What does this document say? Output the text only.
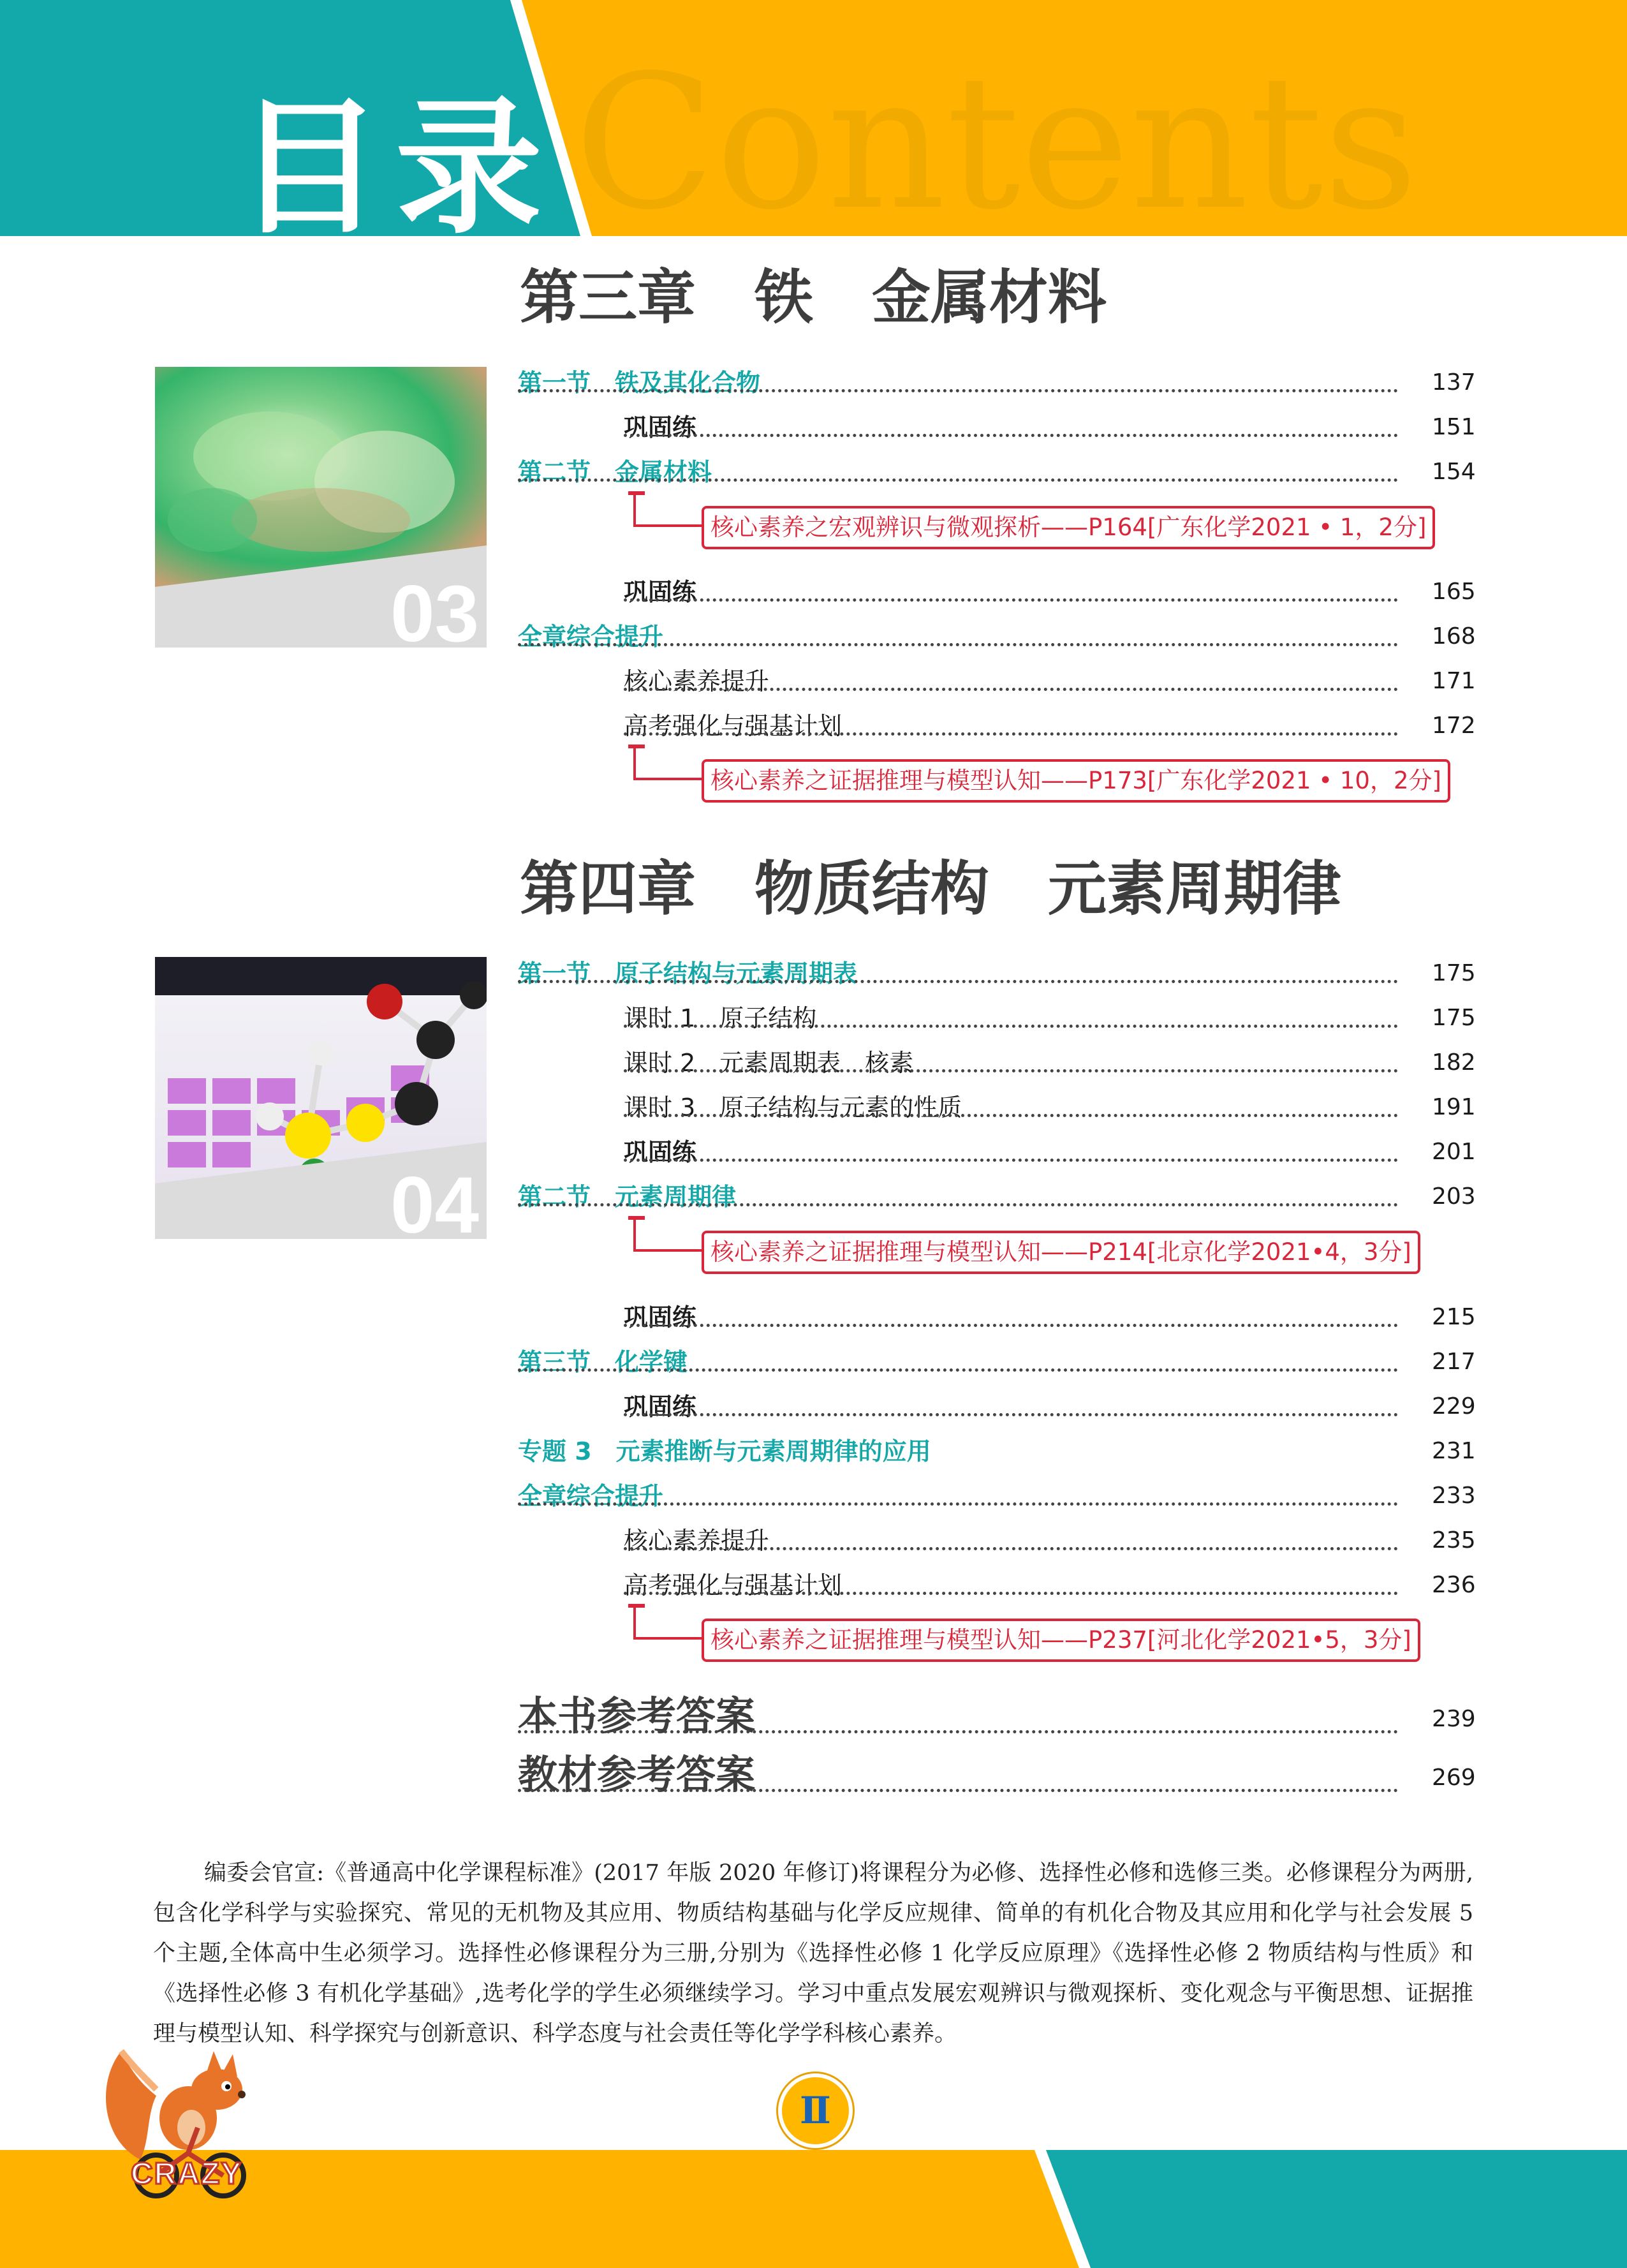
Contents
目录
第三章　铁　金属材料
03
第一节　铁及其化合物	137
巩固练	151
第二节　金属材料	154
核心素养之宏观辨识与微观探析——P164[广东化学2021 • 1，2分]
巩固练	165
全章综合提升	168
核心素养提升	171
高考强化与强基计划	172
核心素养之证据推理与模型认知——P173[广东化学2021 • 10，2分]
第四章　物质结构　元素周期律
04
第一节　原子结构与元素周期表	175
课时 1　原子结构	175
课时 2　元素周期表　核素	182
课时 3　原子结构与元素的性质	191
巩固练	201
第二节　元素周期律	203
核心素养之证据推理与模型认知——P214[北京化学2021•4，3分]
巩固练	215
第三节　化学键	217
巩固练	229
专题 3　元素推断与元素周期律的应用	231
全章综合提升	233
核心素养提升	235
高考强化与强基计划	236
核心素养之证据推理与模型认知——P237[河北化学2021•5，3分]
本书参考答案	239
教材参考答案	269
编委会官宣:《普通高中化学课程标准》(2017 年版 2020 年修订)将课程分为必修、选择性必修和选修三类。必修课程分为两册,包含化学科学与实验探究、常见的无机物及其应用、物质结构基础与化学反应规律、简单的有机化合物及其应用和化学与社会发展 5 个主题,全体高中生必须学习。选择性必修课程分为三册,分别为《选择性必修 1 化学反应原理》《选择性必修 2 物质结构与性质》和《选择性必修 3 有机化学基础》,选考化学的学生必须继续学习。学习中重点发展宏观辨识与微观探析、变化观念与平衡思想、证据推理与模型认知、科学探究与创新意识、科学态度与社会责任等化学学科核心素养。
Ⅱ
CRAZY
